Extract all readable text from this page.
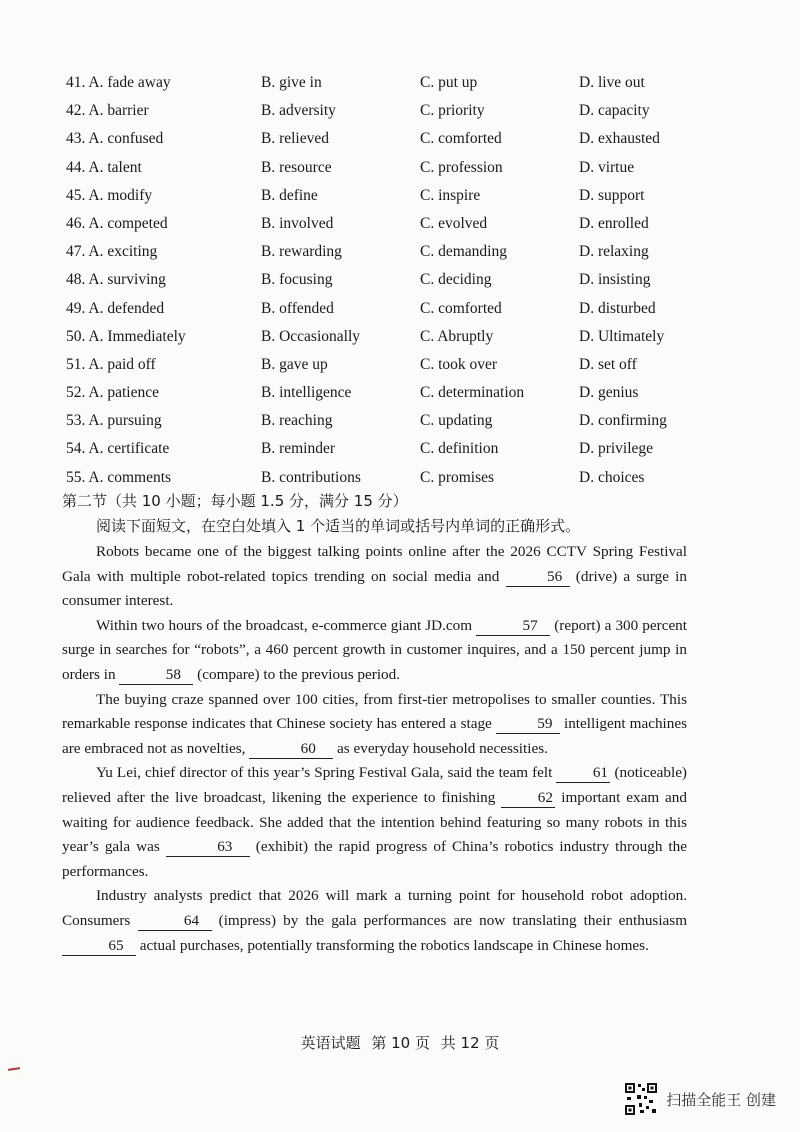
41. A. fade away	B. give in	C. put up	D. live out
42. A. barrier	B. adversity	C. priority	D. capacity
43. A. confused	B. relieved	C. comforted	D. exhausted
44. A. talent	B. resource	C. profession	D. virtue
45. A. modify	B. define	C. inspire	D. support
46. A. competed	B. involved	C. evolved	D. enrolled
47. A. exciting	B. rewarding	C. demanding	D. relaxing
48. A. surviving	B. focusing	C. deciding	D. insisting
49. A. defended	B. offended	C. comforted	D. disturbed
50. A. Immediately	B. Occasionally	C. Abruptly	D. Ultimately
51. A. paid off	B. gave up	C. took over	D. set off
52. A. patience	B. intelligence	C. determination	D. genius
53. A. pursuing	B. reaching	C. updating	D. confirming
54. A. certificate	B. reminder	C. definition	D. privilege
55. A. comments	B. contributions	C. promises	D. choices
第二节（共 10 小题；每小题 1.5 分，满分 15 分）
阅读下面短文，在空白处填入 1 个适当的单词或括号内单词的正确形式。

Robots became one of the biggest talking points online after the 2026 CCTV Spring Festival Gala with multiple robot-related topics trending on social media and	56 (drive) a surge in consumer interest.

Within two hours of the broadcast, e-commerce giant JD.com	57 (report) a 300 percent surge in searches for “robots”, a 460 percent growth in customer inquires, and a 150 percent jump in orders in	58 (compare) to the previous period.

The buying craze spanned over 100 cities, from first-tier metropolises to smaller counties. This remarkable response indicates that Chinese society has entered a stage	59 intelligent machines are embraced not as novelties,	60 as everyday household necessities.

Yu Lei, chief director of this year’s Spring Festival Gala, said the team felt 61 (noticeable) relieved after the live broadcast, likening the experience to finishing 62 important exam and waiting for audience feedback. She added that the intention behind featuring so many robots in this year’s gala was	63 (exhibit) the rapid progress of China’s robotics industry through the performances.

Industry analysts predict that 2026 will mark a turning point for household robot adoption. Consumers	64 (impress) by the gala performances are now translating their enthusiasm 65 actual purchases, potentially transforming the robotics landscape in Chinese homes.

英语试题 第 10 页 共 12 页
扫描全能王 创建
